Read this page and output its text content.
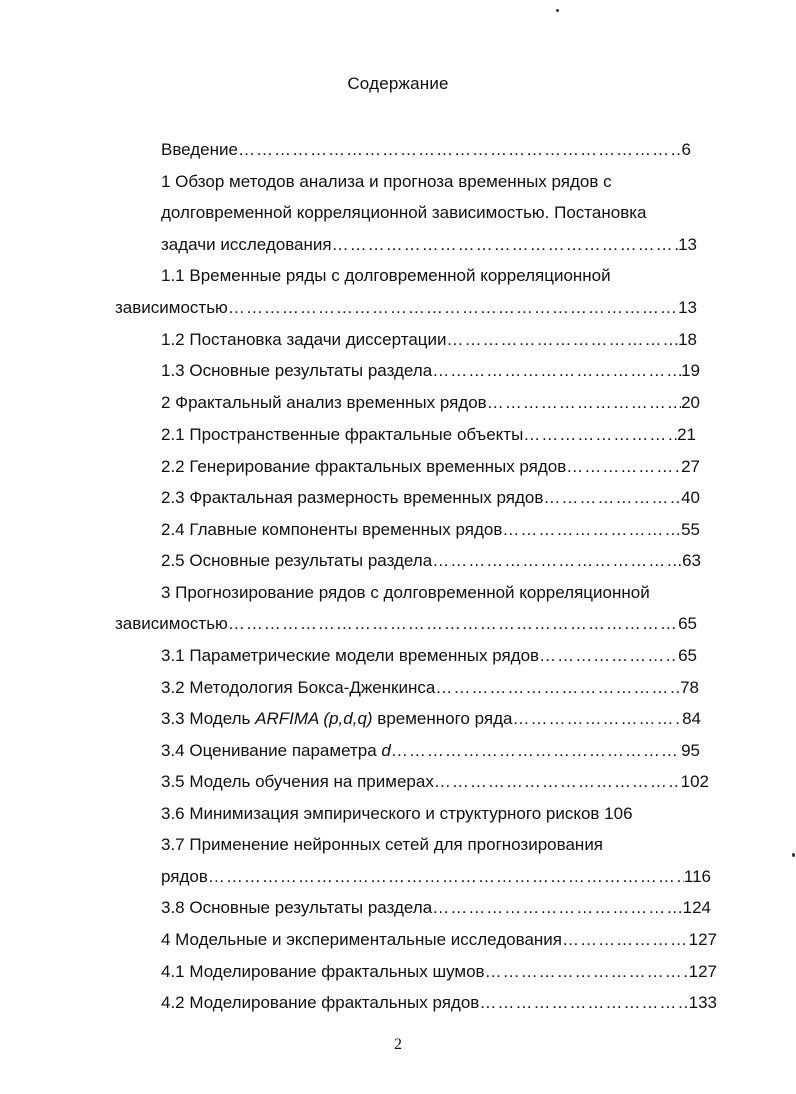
Содержание
Введение …………………………………………………………………………………………………………………………………………………………………………………	6
1 Обзор методов анализа и прогноза временных рядов с
долговременной корреляционной зависимостью. Постановка
задачи исследования …………………………………………………………………………………………………………………………………………………………………………………	13
1.1 Временные ряды с долговременной корреляционной
зависимостью …………………………………………………………………………………………………………………………………………………………………………………	13
1.2 Постановка задачи диссертации …………………………………………………………………………………………………………………………………………………………………………………	18
1.3 Основные результаты раздела …………………………………………………………………………………………………………………………………………………………………………………	19
2 Фрактальный анализ временных рядов …………………………………………………………………………………………………………………………………………………………………………………	20
2.1 Пространственные фрактальные объекты …………………………………………………………………………………………………………………………………………………………………………………	21
2.2 Генерирование фрактальных временных рядов …………………………………………………………………………………………………………………………………………………………………………………	27
2.3 Фрактальная размерность временных рядов …………………………………………………………………………………………………………………………………………………………………………………	40
2.4 Главные компоненты временных рядов …………………………………………………………………………………………………………………………………………………………………………………	55
2.5 Основные результаты раздела …………………………………………………………………………………………………………………………………………………………………………………	.63
3 Прогнозирование рядов с долговременной корреляционной
зависимостью …………………………………………………………………………………………………………………………………………………………………………………	65
3.1 Параметрические модели временных рядов …………………………………………………………………………………………………………………………………………………………………………………	65
3.2 Методология Бокса-Дженкинса …………………………………………………………………………………………………………………………………………………………………………………	78
3.3 Модель ARFIMA (p,d,q) временного ряда …………………………………………………………………………………………………………………………………………………………………………………	84
3.4 Оценивание параметра d …………………………………………………………………………………………………………………………………………………………………………………	95
3.5 Модель обучения на примерах …………………………………………………………………………………………………………………………………………………………………………………	102
3.6 Минимизация эмпирического и структурного рисков 106
3.7 Применение нейронных сетей для прогнозирования
рядов …………………………………………………………………………………………………………………………………………………………………………………	116
3.8 Основные результаты раздела …………………………………………………………………………………………………………………………………………………………………………………	124
4 Модельные и экспериментальные исследования …………………………………………………………………………………………………………………………………………………………………………………	127
4.1 Моделирование фрактальных шумов …………………………………………………………………………………………………………………………………………………………………………………	127
4.2 Моделирование фрактальных рядов …………………………………………………………………………………………………………………………………………………………………………………	133
2
